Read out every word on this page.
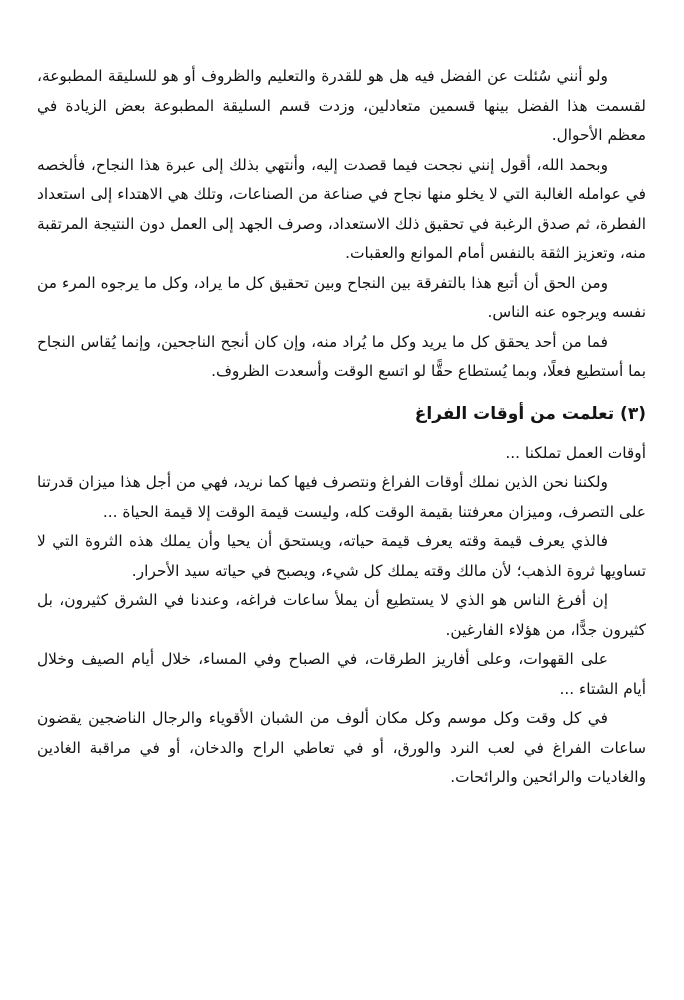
ولو أنني سُئلت عن الفضل فيه هل هو للقدرة والتعليم والظروف أو هو للسليقة المطبوعة، لقسمت هذا الفضل بينها قسمين متعادلين، وزدت قسم السليقة المطبوعة بعض الزيادة في معظم الأحوال.

وبحمد الله، أقول إنني نجحت فيما قصدت إليه، وأنتهي بذلك إلى عبرة هذا النجاح، فألخصه في عوامله الغالبة التي لا يخلو منها نجاح في صناعة من الصناعات، وتلك هي الاهتداء إلى استعداد الفطرة، ثم صدق الرغبة في تحقيق ذلك الاستعداد، وصرف الجهد إلى العمل دون النتيجة المرتقبة منه، وتعزيز الثقة بالنفس أمام الموانع والعقبات.

ومن الحق أن أتبع هذا بالتفرقة بين النجاح وبين تحقيق كل ما يراد، وكل ما يرجوه المرء من نفسه ويرجوه عنه الناس.

فما من أحد يحقق كل ما يريد وكل ما يُراد منه، وإن كان أنجح الناجحين، وإنما يُقاس النجاح بما أستطيع فعلًا، وبما يُستطاع حقًّا لو اتسع الوقت وأسعدت الظروف.

(٣) تعلمت من أوقات الفراغ

أوقات العمل تملكنا ...

ولكننا نحن الذين نملك أوقات الفراغ ونتصرف فيها كما نريد، فهي من أجل هذا ميزان قدرتنا على التصرف، وميزان معرفتنا بقيمة الوقت كله، وليست قيمة الوقت إلا قيمة الحياة ...

فالذي يعرف قيمة وقته يعرف قيمة حياته، ويستحق أن يحيا وأن يملك هذه الثروة التي لا تساويها ثروة الذهب؛ لأن مالك وقته يملك كل شيء، ويصبح في حياته سيد الأحرار.

إن أفرغ الناس هو الذي لا يستطيع أن يملأ ساعات فراغه، وعندنا في الشرق كثيرون، بل كثيرون جدًّا، من هؤلاء الفارغين.

على القهوات، وعلى أفاريز الطرقات، في الصباح وفي المساء، خلال أيام الصيف وخلال أيام الشتاء ...

في كل وقت وكل موسم وكل مكان ألوف من الشبان الأقوياء والرجال الناضجين يقضون ساعات الفراغ في لعب النرد والورق، أو في تعاطي الراح والدخان، أو في مراقبة الغادين والغاديات والرائحين والرائحات.
